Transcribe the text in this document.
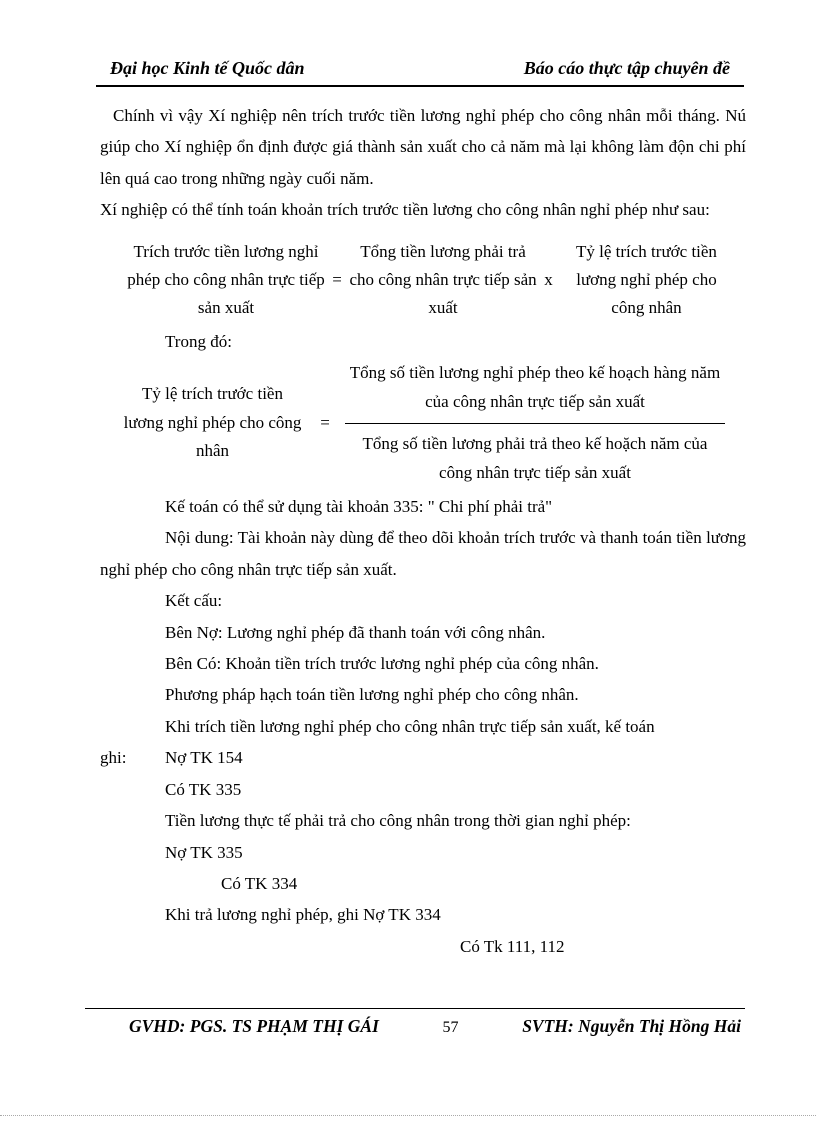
Đại học Kinh tế Quốc dân	Báo cáo thực tập chuyên đề

Chính vì vậy Xí nghiệp nên trích trước tiền lương nghỉ phép cho công nhân mỗi tháng. Nú giúp cho Xí nghiệp ổn định được giá thành sản xuất cho cả năm mà lại không làm độn chi phí lên quá cao trong những ngày cuối năm.

Xí nghiệp có thể tính toán khoản trích trước tiền lương cho công nhân nghỉ phép như sau:

Trích trước tiền lương nghỉ phép cho công nhân trực tiếp sản xuất
=
Tổng tiền lương phải trả cho công nhân trực tiếp sản xuất
x
Tỷ lệ trích trước tiền lương nghỉ phép cho công nhân

Trong đó:

Tỷ lệ trích trước tiền lương nghỉ phép cho công nhân
=
Tổng số tiền lương nghỉ phép theo kế hoạch hàng năm của công nhân trực tiếp sản xuất
Tổng số tiền lương phải trả theo kế hoặch năm của công nhân trực tiếp sản xuất

Kế toán có thể sử dụng tài khoản 335: " Chi phí phải trả"

Nội dung: Tài khoản này dùng để theo dõi khoản trích trước và thanh toán tiền lương nghỉ phép cho công nhân trực tiếp sản xuất.

Kết cấu:

Bên Nợ: Lương nghỉ phép đã thanh toán với công nhân.

Bên Có: Khoản tiền trích trước lương nghỉ phép của công nhân.

Phương pháp hạch toán tiền lương nghỉ phép cho công nhân.

Khi trích tiền lương nghỉ phép cho công nhân trực tiếp sản xuất, kế toán

ghi: Nợ TK 154

Có TK 335

Tiền lương thực tế phải trả cho công nhân trong thời gian nghỉ phép:

Nợ TK 335

Có TK 334

Khi trả lương nghỉ phép, ghi Nợ TK 334

Có Tk 111, 112

GVHD: PGS. TS PHẠM THỊ GÁI	57	SVTH: Nguyễn Thị Hồng Hải
